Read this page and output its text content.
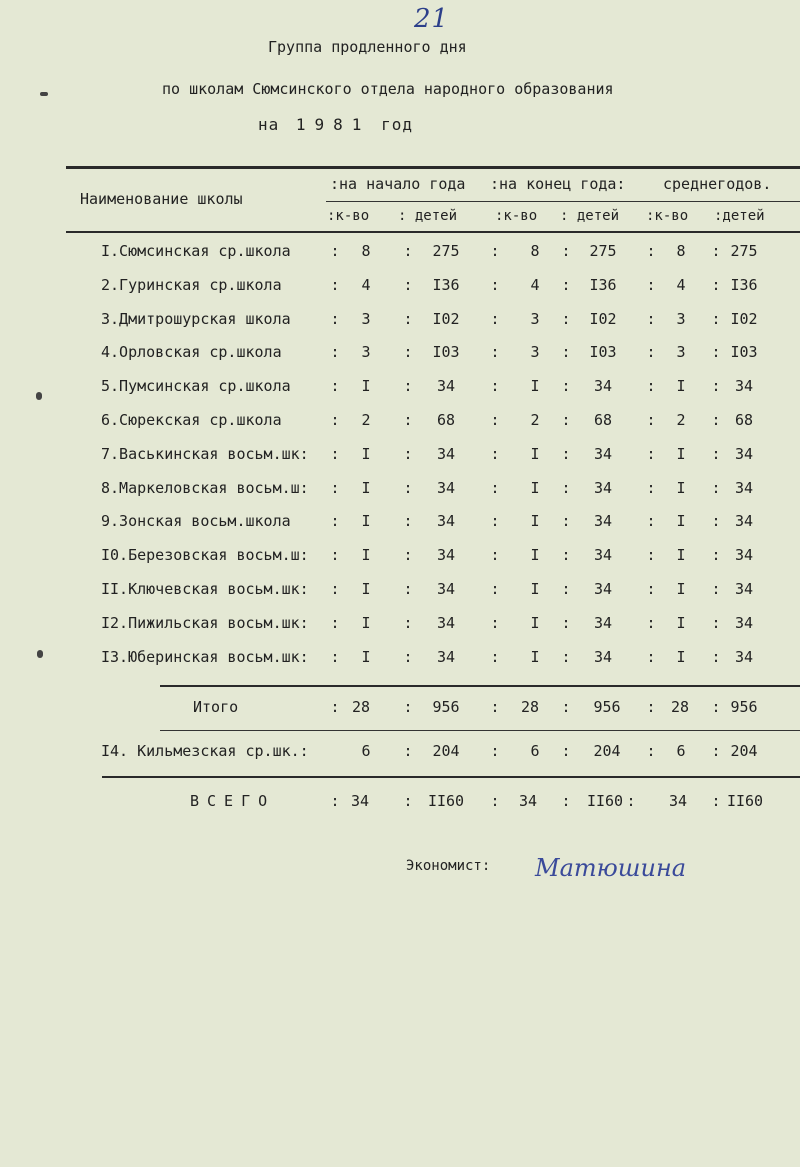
21
Группа продленного дня
по школам Сюмсинского отдела народного образования
на 1981 год
Наименование школы
:на начало года :на конец года:	среднегодов.
:к-во : детей	:к-во : детей :к-во :детей
I.Сюмсинская ср.школа	:	8	:	275	:	8	:	275	:	8	: 275
2.Гуринская ср.школа	:	4	:	I36	:	4	:	I36	:	4	: I36
3.Дмитрошурская школа	:	3	:	I02	:	3	:	I02	:	3	: I02
4.Орловская ср.школа	:	3	:	I03	:	3	:	I03	:	3	: I03
5.Пумсинская ср.школа	:	I	:	34	:	I	:	34	:	I	: 34
6.Сюрекская ср.школа	:	2	:	68	:	2	:	68	:	2	: 68
7.Васькинская восьм.шк: :	I	:	34	:	I	:	34	:	I	: 34
8.Маркеловская восьм.ш: :	I	:	34	:	I	:	34	:	I	: 34
9.Зонская восьм.школа	:	I	:	34	:	I	:	34	:	I	: 34
I0.Березовская восьм.ш: :	I	:	34	:	I	:	34	:	I	: 34
II.Ключевская восьм.шк: :	I	:	34	:	I	:	34	:	I	: 34
I2.Пижильская восьм.шк: :	I	:	34	:	I	:	34	:	I	: 34
I3.Юберинская восьм.шк: :	I	:	34	:	I	:	34	:	I	: 34
Итого	: 28	:	956	:	28	:	956	:	28	: 956
I4. Кильмезская ср.шк.:	6	:	204	:	6	:	204	:	6	: 204
ВСЕГО	: 34	:	II60	:	34	:	II60 :	34	: II60
Экономист: Матюшина
